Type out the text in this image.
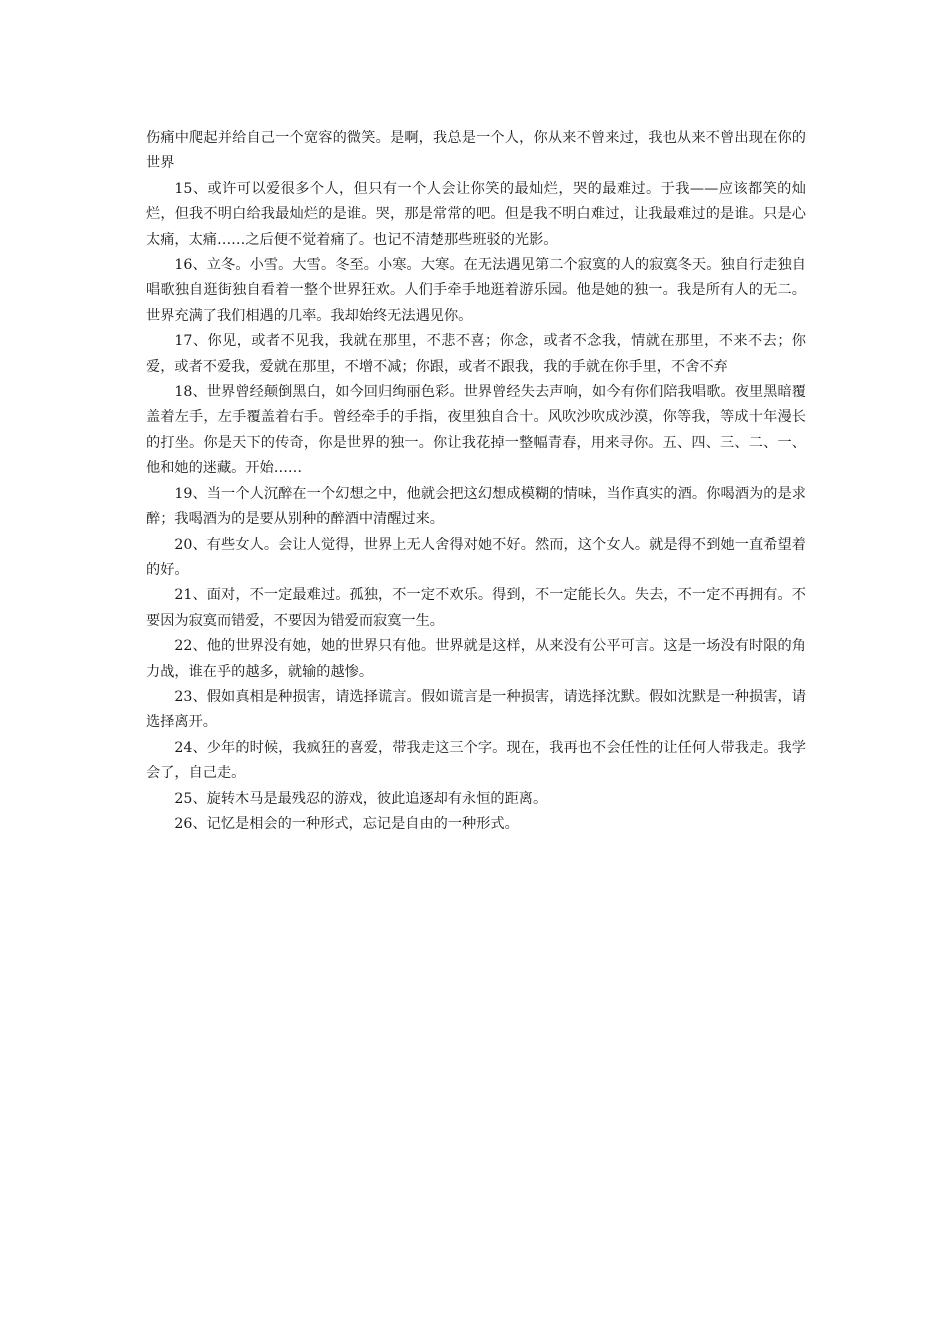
伤痛中爬起并给自己一个宽容的微笑。是啊，我总是一个人，你从来不曾来过，我也从来不曾出现在你的世界

15、或许可以爱很多个人，但只有一个人会让你笑的最灿烂，哭的最难过。于我——应该都笑的灿烂，但我不明白给我最灿烂的是谁。哭，那是常常的吧。但是我不明白难过，让我最难过的是谁。只是心太痛，太痛……之后便不觉着痛了。也记不清楚那些班驳的光影。

16、立冬。小雪。大雪。冬至。小寒。大寒。在无法遇见第二个寂寞的人的寂寞冬天。独自行走独自唱歌独自逛街独自看着一整个世界狂欢。人们手牵手地逛着游乐园。他是她的独一。我是所有人的无二。世界充满了我们相遇的几率。我却始终无法遇见你。

17、你见，或者不见我，我就在那里，不悲不喜；你念，或者不念我，情就在那里，不来不去；你爱，或者不爱我，爱就在那里，不增不减；你跟，或者不跟我，我的手就在你手里，不舍不弃

18、世界曾经颠倒黑白，如今回归绚丽色彩。世界曾经失去声响，如今有你们陪我唱歌。夜里黑暗覆盖着左手，左手覆盖着右手。曾经牵手的手指，夜里独自合十。风吹沙吹成沙漠，你等我，等成十年漫长的打坐。你是天下的传奇，你是世界的独一。你让我花掉一整幅青春，用来寻你。五、四、三、二、一、他和她的迷藏。开始……

19、当一个人沉醉在一个幻想之中，他就会把这幻想成模糊的情味，当作真实的酒。你喝酒为的是求醉；我喝酒为的是要从别种的醉酒中清醒过来。

20、有些女人。会让人觉得，世界上无人舍得对她不好。然而，这个女人。就是得不到她一直希望着的好。

21、面对，不一定最难过。孤独，不一定不欢乐。得到，不一定能长久。失去，不一定不再拥有。不要因为寂寞而错爱，不要因为错爱而寂寞一生。

22、他的世界没有她，她的世界只有他。世界就是这样，从来没有公平可言。这是一场没有时限的角力战，谁在乎的越多，就输的越惨。

23、假如真相是种损害，请选择谎言。假如谎言是一种损害，请选择沈默。假如沈默是一种损害，请选择离开。

24、少年的时候，我疯狂的喜爱，带我走这三个字。现在，我再也不会任性的让任何人带我走。我学会了，自己走。

25、旋转木马是最残忍的游戏，彼此追逐却有永恒的距离。

26、记忆是相会的一种形式，忘记是自由的一种形式。
